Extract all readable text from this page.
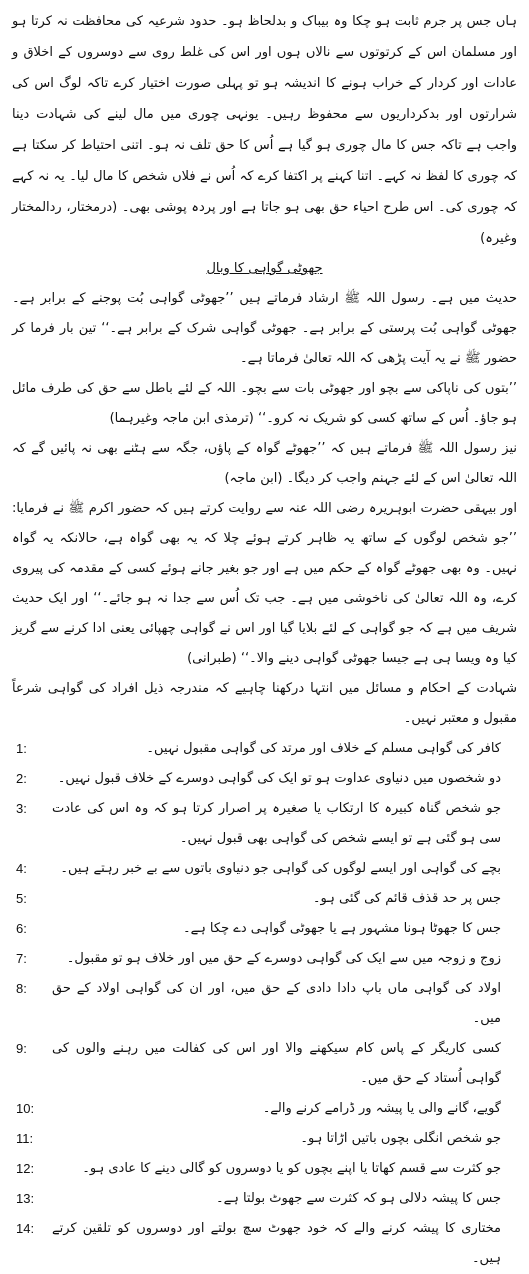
ہاں جس پر جرم ثابت ہو چکا وہ بیباک و بدلحاظ ہو۔ حدود شرعیہ کی محافظت نہ کرتا ہو اور مسلمان اس کے کرتوتوں سے نالاں ہوں اور اس کی غلط روی سے دوسروں کے اخلاق و عادات اور کردار کے خراب ہونے کا اندیشہ ہو تو پہلی صورت اختیار کرے تاکہ لوگ اس کی شرارتوں اور بدکرداریوں سے محفوظ رہیں۔ یونہی چوری میں مال لینے کی شہادت دینا واجب ہے تاکہ جس کا مال چوری ہو گیا ہے اُس کا حق تلف نہ ہو۔ اتنی احتیاط کر سکتا ہے کہ چوری کا لفظ نہ کہے۔ اتنا کہنے پر اکتفا کرے کہ اُس نے فلاں شخص کا مال لیا۔ یہ نہ کہے کہ چوری کی۔ اس طرح احیاء حق بھی ہو جاتا ہے اور پردہ پوشی بھی۔ (درمختار، ردالمختار وغیرہ)

جھوٹی گواہی کا وبال

حدیث میں ہے۔ رسول اللہ ﷺ ارشاد فرماتے ہیں ’’جھوٹی گواہی بُت پوجنے کے برابر ہے۔ جھوٹی گواہی بُت پرستی کے برابر ہے۔ جھوٹی گواہی شرک کے برابر ہے۔‘‘ تین بار فرما کر حضور ﷺ نے یہ آیت پڑھی کہ اللہ تعالیٰ فرماتا ہے۔

’’بتوں کی ناپاکی سے بچو اور جھوٹی بات سے بچو۔ اللہ کے لئے باطل سے حق کی طرف مائل ہو جاؤ۔ اُس کے ساتھ کسی کو شریک نہ کرو۔‘‘ (ترمذی ابن ماجہ وغیرہما)

نیز رسول اللہ ﷺ فرماتے ہیں کہ ’’جھوٹے گواہ کے پاؤں، جگہ سے ہٹنے بھی نہ پائیں گے کہ اللہ تعالیٰ اس کے لئے جہنم واجب کر دیگا۔ (ابن ماجہ)

اور بیہقی حضرت ابوہریرہ رضی اللہ عنہ سے روایت کرتے ہیں کہ حضور اکرم ﷺ نے فرمایا: ’’جو شخص لوگوں کے ساتھ یہ ظاہر کرتے ہوئے چلا کہ یہ بھی گواہ ہے، حالانکہ یہ گواہ نہیں۔ وہ بھی جھوٹے گواہ کے حکم میں ہے اور جو بغیر جانے ہوئے کسی کے مقدمہ کی پیروی کرے، وہ اللہ تعالیٰ کی ناخوشی میں ہے۔ جب تک اُس سے جدا نہ ہو جائے۔‘‘ اور ایک حدیث شریف میں ہے کہ جو گواہی کے لئے بلایا گیا اور اس نے گواہی چھپائی یعنی ادا کرنے سے گریز کیا وہ ویسا ہی ہے جیسا جھوٹی گواہی دینے والا۔‘‘ (طبرانی)

شہادت کے احکام و مسائل میں انتہا درکھنا چاہیے کہ مندرجہ ذیل افراد کی گواہی شرعاً مقبول و معتبر نہیں۔

1:	کافر کی گواہی مسلم کے خلاف اور مرتد کی گواہی مقبول نہیں۔
2:	دو شخصوں میں دنیاوی عداوت ہو تو ایک کی گواہی دوسرے کے خلاف قبول نہیں۔
3: جو شخص گناہ کبیرہ کا ارتکاب یا صغیرہ پر اصرار کرتا ہو کہ وہ اس کی عادت سی ہو گئی ہے تو ایسے شخص کی گواہی بھی قبول نہیں۔
4:	بچے کی گواہی اور ایسے لوگوں کی گواہی جو دنیاوی باتوں سے بے خبر رہتے ہیں۔
5:	جس پر حد قذف قائم کی گئی ہو۔
6:	جس کا جھوٹا ہونا مشہور ہے یا جھوٹی گواہی دے چکا ہے۔
7:	زوج و زوجہ میں سے ایک کی گواہی دوسرے کے حق میں اور خلاف ہو تو مقبول۔
8: اولاد کی گواہی ماں باپ دادا دادی کے حق میں، اور ان کی گواہی اولاد کے حق میں۔
9: کسی کاریگر کے پاس کام سیکھنے والا اور اس کی کفالت میں رہنے والوں کی گواہی اُستاد کے حق میں۔
10:	گویے، گانے والی یا پیشہ ور ڈرامے کرنے والے۔
11:	جو شخص انگلی بچوں باتیں اڑاتا ہو۔
12:	جو کثرت سے قسم کھاتا یا اپنے بچوں کو یا دوسروں کو گالی دینے کا عادی ہو۔
13:	جس کا پیشہ دلالی ہو کہ کثرت سے جھوٹ بولتا ہے۔
14: مختاری کا پیشہ کرنے والے کہ خود جھوٹ سچ بولتے اور دوسروں کو تلقین کرتے ہیں۔
